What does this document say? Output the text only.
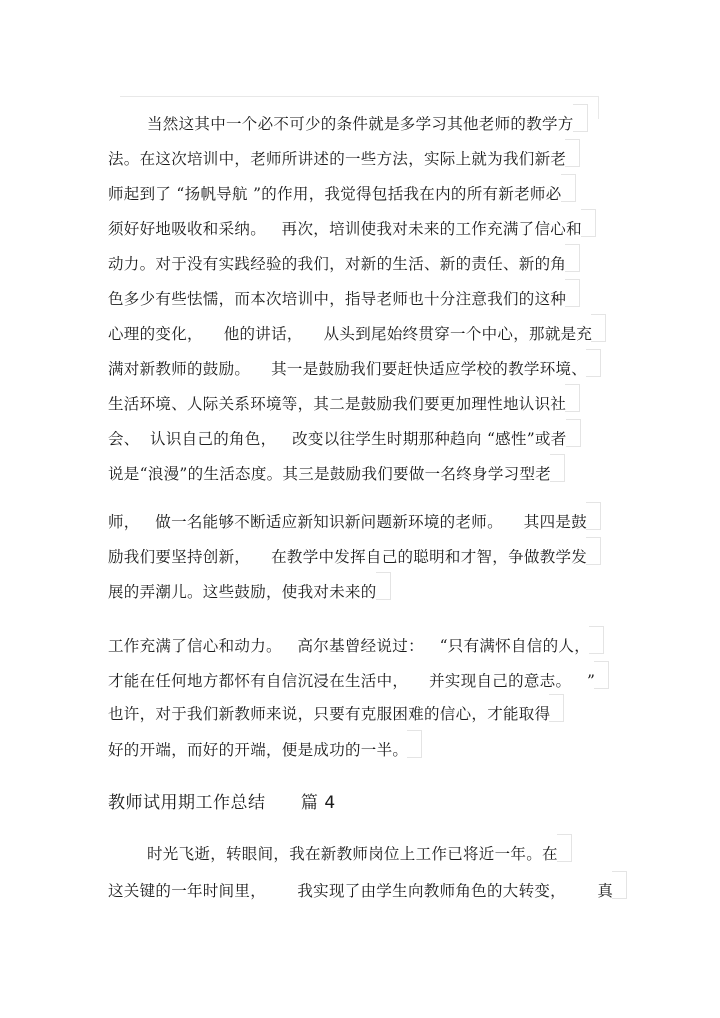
当然这其中一个必不可少的条件就是多学习其他老师的教学方
法。在这次培训中，老师所讲述的一些方法，实际上就为我们新老
师起到了 “扬帆导航 ”的作用，我觉得包括我在内的所有新老师必
须好好地吸收和采纳。   再次，培训使我对未来的工作充满了信心和
动力。对于没有实践经验的我们，对新的生活、新的责任、新的角
色多少有些怯懦，而本次培训中，指导老师也十分注意我们的这种
心理的变化，    他的讲话，    从头到尾始终贯穿一个中心，那就是充
满对新教师的鼓励。    其一是鼓励我们要赶快适应学校的教学环境、
生活环境、人际关系环境等，其二是鼓励我们要更加理性地认识社
会、  认识自己的角色，   改变以往学生时期那种趋向 “感性”或者
说是“浪漫”的生活态度。其三是鼓励我们要做一名终身学习型老
师，   做一名能够不断适应新知识新问题新环境的老师。    其四是鼓
励我们要坚持创新，    在教学中发挥自己的聪明和才智，争做教学发
展的弄潮儿。这些鼓励，使我对未来的
工作充满了信心和动力。   高尔基曾经说过：   “只有满怀自信的人，
才能在任何地方都怀有自信沉浸在生活中，    并实现自己的意志。   ”
也许，对于我们新教师来说，只要有克服困难的信心，才能取得
好的开端，而好的开端，便是成功的一半。
教师试用期工作总结      篇 4
时光飞逝，转眼间，我在新教师岗位上工作已将近一年。在
这关键的一年时间里，      我实现了由学生向教师角色的大转变，      真
